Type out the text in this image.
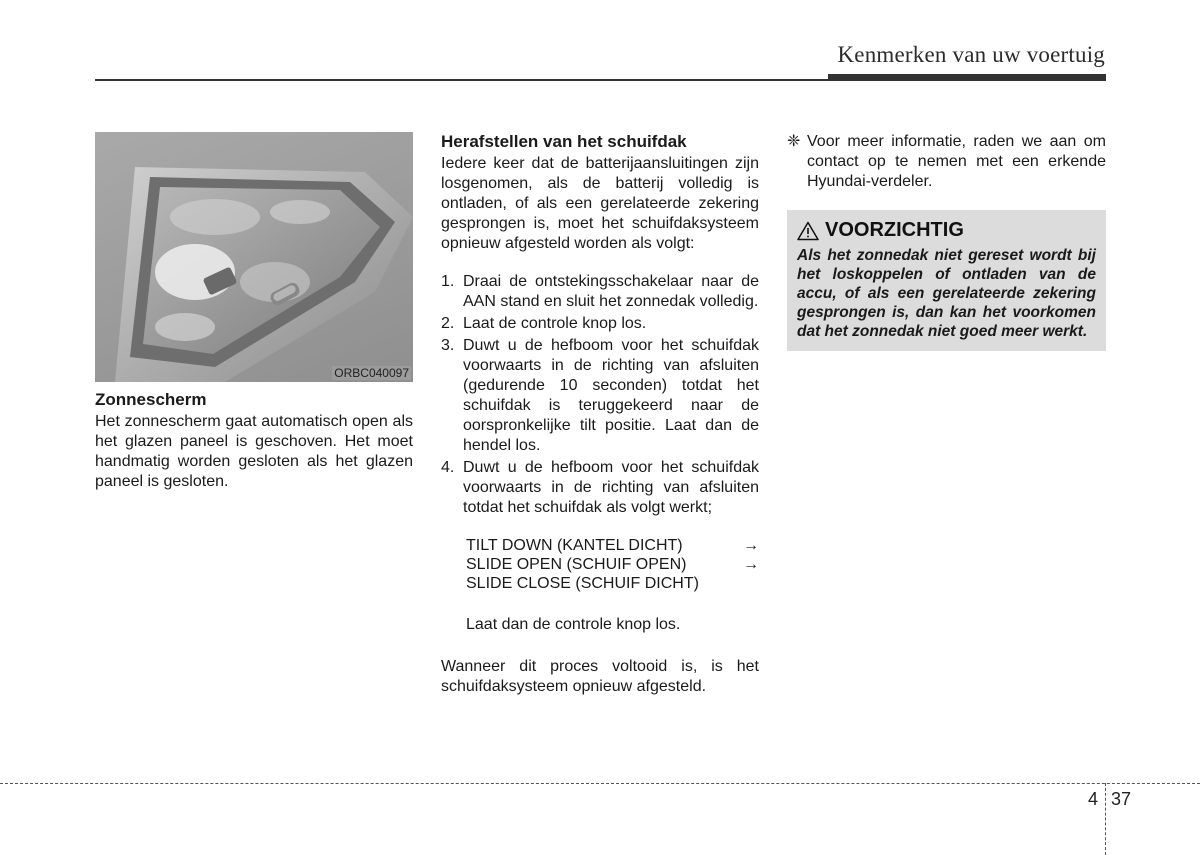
Kenmerken van uw voertuig
ORBC040097
Zonnescherm

Het zonnescherm gaat automatisch open als het glazen paneel is geschoven. Het moet handmatig worden gesloten als het glazen paneel is gesloten.

Herafstellen van het schuifdak

Iedere keer dat de batterijaansluitingen zijn losgenomen, als de batterij volledig is ontladen, of als een gerelateerde zekering gesprongen is, moet het schuifdaksysteem opnieuw afgesteld worden als volgt:

1. Draai de ontstekingsschakelaar naar de AAN stand en sluit het zonnedak volledig.
2. Laat de controle knop los.
3. Duwt u de hefboom voor het schuifdak voorwaarts in de richting van afsluiten (gedurende 10 seconden) totdat het schuifdak is teruggekeerd naar de oorspronkelijke tilt positie. Laat dan de hendel los.
4. Duwt u de hefboom voor het schuifdak voorwaarts in de richting van afsluiten totdat het schuifdak als volgt werkt;
TILT DOWN (KANTEL DICHT)	→
SLIDE OPEN (SCHUIF OPEN)	→
SLIDE CLOSE (SCHUIF DICHT)
Laat dan de controle knop los.

Wanneer dit proces voltooid is, is het schuifdaksysteem opnieuw afgesteld.

❈ Voor meer informatie, raden we aan om contact op te nemen met een erkende Hyundai-verdeler.
VOORZICHTIG
Als het zonnedak niet gereset wordt bij het loskoppelen of ontladen van de accu, of als een gerelateerde zekering gesprongen is, dan kan het voorkomen dat het zonnedak niet goed meer werkt.
4 37
